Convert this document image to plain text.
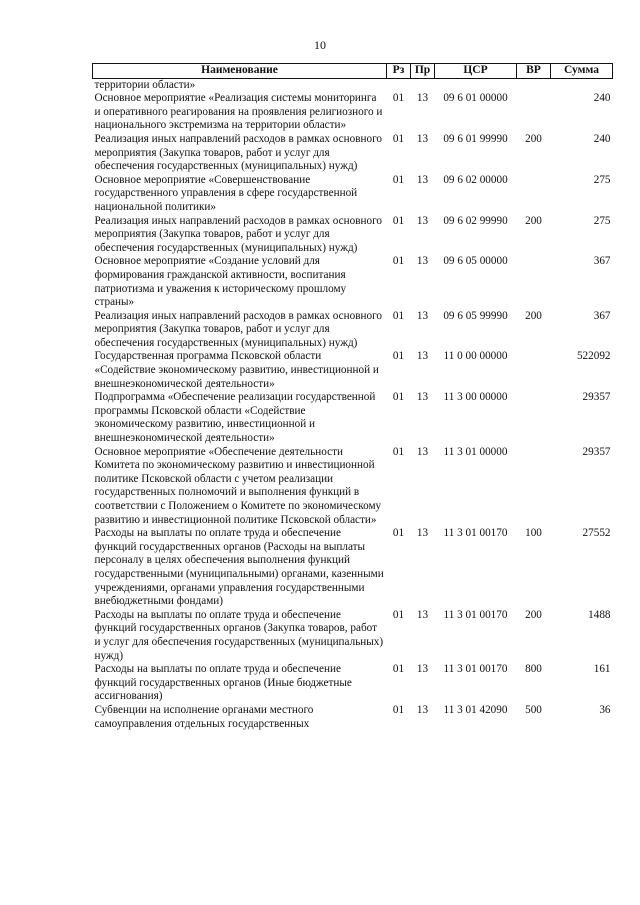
10
Наименование	Рз	Пр	ЦСР	ВР	Сумма
территории области»					
Основное мероприятие «Реализация системы мониторинга и оперативного реагирования на проявления религиозного и национального экстремизма на территории области»	01	13	09 6 01 00000		240
Реализация иных направлений расходов в рамках основного мероприятия (Закупка товаров, работ и услуг для обеспечения государственных (муниципальных) нужд)	01	13	09 6 01 99990	200	240
Основное мероприятие «Совершенствование государственного управления в сфере государственной национальной политики»	01	13	09 6 02 00000		275
Реализация иных направлений расходов в рамках основного мероприятия (Закупка товаров, работ и услуг для обеспечения государственных (муниципальных) нужд)	01	13	09 6 02 99990	200	275
Основное мероприятие «Создание условий для формирования гражданской активности, воспитания патриотизма и уважения к историческому прошлому страны»	01	13	09 6 05 00000		367
Реализация иных направлений расходов в рамках основного мероприятия (Закупка товаров, работ и услуг для обеспечения государственных (муниципальных) нужд)	01	13	09 6 05 99990	200	367
Государственная программа Псковской области «Содействие экономическому развитию, инвестиционной и внешнеэкономической деятельности»	01	13	11 0 00 00000		522092
Подпрограмма «Обеспечение реализации государственной программы Псковской области «Содействие экономическому развитию, инвестиционной и внешнеэкономической деятельности»	01	13	11 3 00 00000		29357
Основное мероприятие «Обеспечение деятельности Комитета по экономическому развитию и инвестиционной политике Псковской области с учетом реализации государственных полномочий и выполнения функций в соответствии с Положением о Комитете по экономическому развитию и инвестиционной политике Псковской области»	01	13	11 3 01 00000		29357
Расходы на выплаты по оплате труда и обеспечение функций государственных органов (Расходы на выплаты персоналу в целях обеспечения выполнения функций государственными (муниципальными) органами, казенными учреждениями, органами управления государственными внебюджетными фондами)	01	13	11 3 01 00170	100	27552
Расходы на выплаты по оплате труда и обеспечение функций государственных органов (Закупка товаров, работ и услуг для обеспечения государственных (муниципальных) нужд)	01	13	11 3 01 00170	200	1488
Расходы на выплаты по оплате труда и обеспечение функций государственных органов (Иные бюджетные ассигнования)	01	13	11 3 01 00170	800	161
Субвенции на исполнение органами местного самоуправления отдельных государственных	01	13	11 3 01 42090	500	36
